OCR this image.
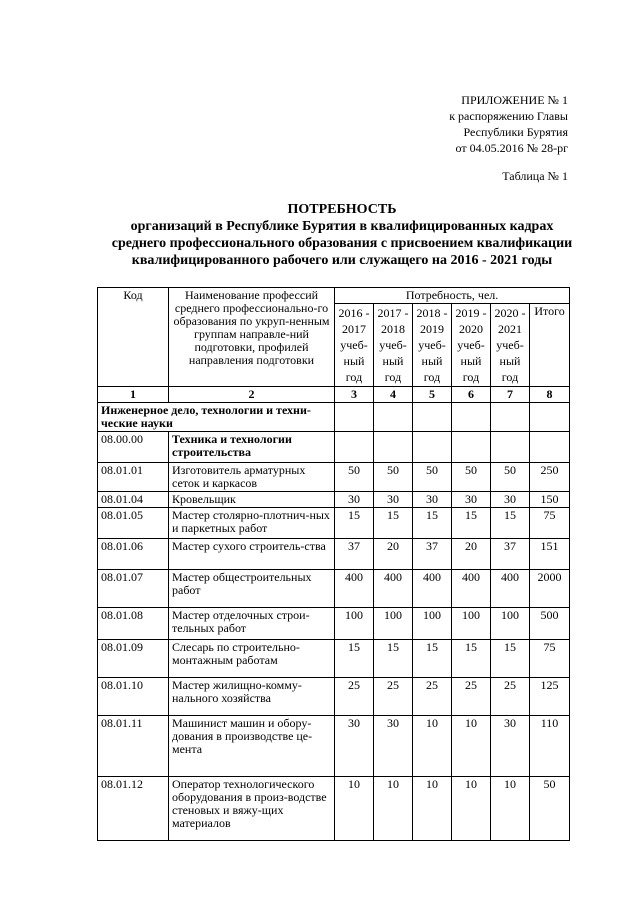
ПРИЛОЖЕНИЕ № 1
к распоряжению Главы
Республики Бурятия
от 04.05.2016 № 28-рг
Таблица № 1
ПОТРЕБНОСТЬ
организаций в Республике Бурятия в квалифицированных кадрах
среднего профессионального образования с присвоением квалификации
квалифицированного рабочего или служащего на 2016 - 2021 годы
Код	Наименование профессий среднего профессионально-го образования по укруп-ненным группам направле-ний подготовки, профилей направления подготовки	Потребность, чел.					
		2016 - 2017 учеб-ный год	2017 - 2018 учеб-ный год	2018 - 2019 учеб-ный год	2019 - 2020 учеб-ный год	2020 - 2021 учеб-ный год	Итого
1	2	3	4	5	6	7	8
Инженерное дело, технологии и техни-ческие науки							
08.00.00	Техника и технологии строительства						
08.01.01	Изготовитель арматурных сеток и каркасов	50	50	50	50	50	250
08.01.04	Кровельщик	30	30	30	30	30	150
08.01.05	Мастер столярно-плотнич-ных и паркетных работ	15	15	15	15	15	75
08.01.06	Мастер сухого строитель-ства	37	20	37	20	37	151
08.01.07	Мастер общестроительных работ	400	400	400	400	400	2000
08.01.08	Мастер отделочных строи-тельных работ	100	100	100	100	100	500
08.01.09	Слесарь по строительно-монтажным работам	15	15	15	15	15	75
08.01.10	Мастер жилищно-комму-нального хозяйства	25	25	25	25	25	125
08.01.11	Машинист машин и обору-дования в производстве це-мента	30	30	10	10	30	110
08.01.12	Оператор технологического оборудования в произ-водстве стеновых и вяжу-щих материалов	10	10	10	10	10	50
